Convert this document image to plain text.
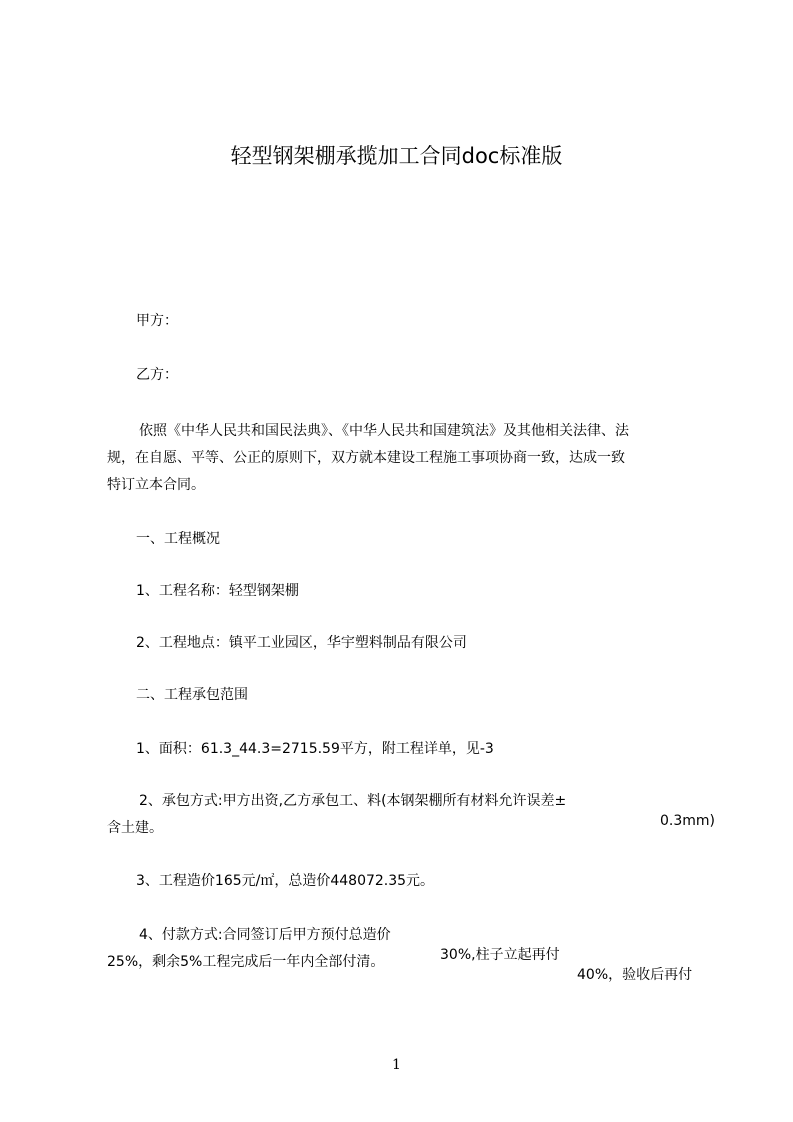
轻型钢架棚承揽加工合同doc标准版

甲方：

乙方：

依照《中华人民共和国民法典》、《中华人民共和国建筑法》及其他相关法律、法

规，在自愿、平等、公正的原则下，双方就本建设工程施工事项协商一致，达成一致

特订立本合同。

一、工程概况

1、工程名称：轻型钢架棚

2、工程地点：镇平工业园区，华宇塑料制品有限公司

二、工程承包范围

1、面积：61.3_44.3=2715.59平方，附工程详单，见-3

2、承包方式:甲方出资,乙方承包工、料(本钢架棚所有材料允许误差±

0.3mm)

含土建。

3、工程造价165元/㎡，总造价448072.35元。

4、付款方式:合同签订后甲方预付总造价

30%,柱子立起再付

40%，验收后再付

25%，剩余5%工程完成后一年内全部付清。

1
